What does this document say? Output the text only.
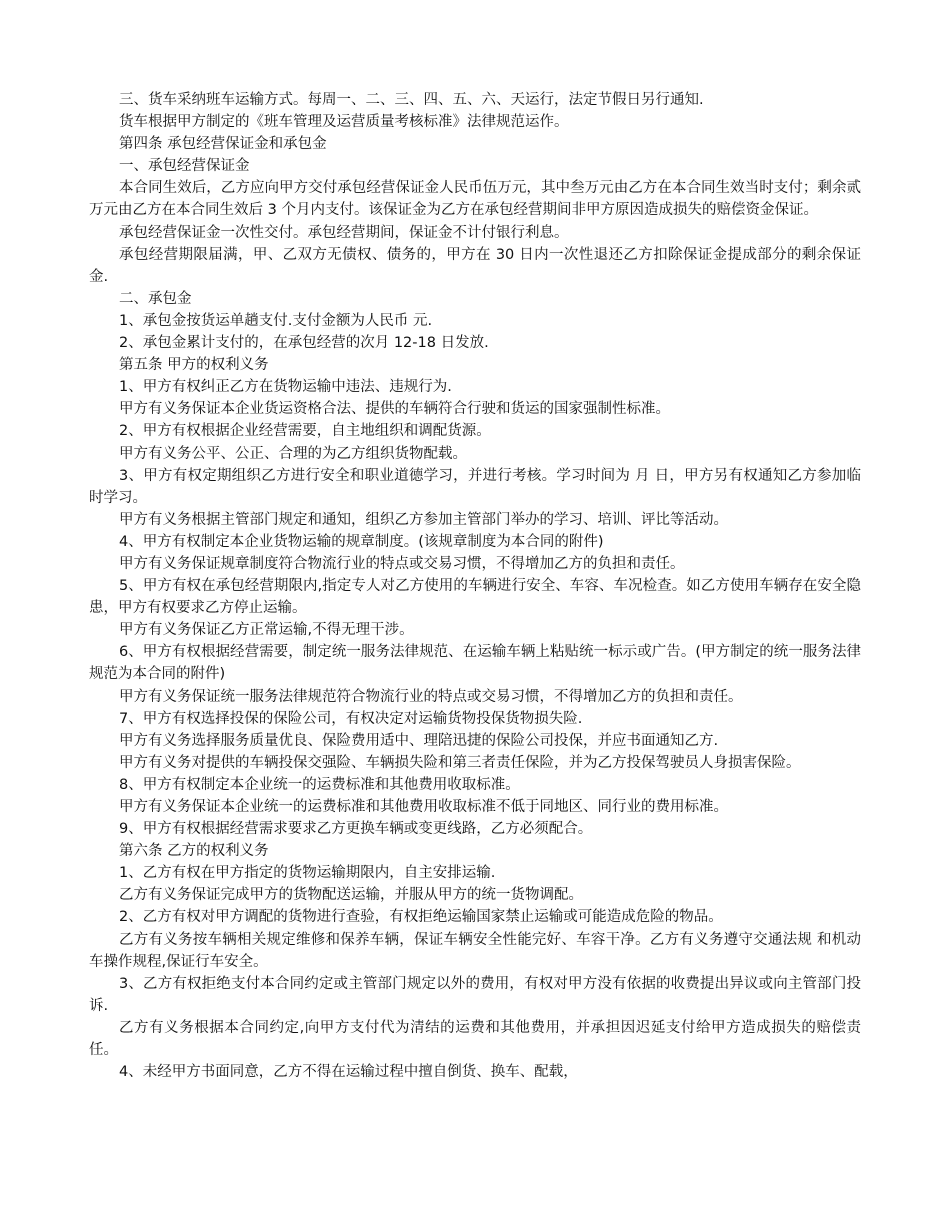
三、货车采纳班车运输方式。每周一、二、三、四、五、六、天运行，法定节假日另行通知.

货车根据甲方制定的《班车管理及运营质量考核标准》法律规范运作。

第四条 承包经营保证金和承包金

一、承包经营保证金

本合同生效后，乙方应向甲方交付承包经营保证金人民币伍万元，其中叁万元由乙方在本合同生效当时支付；剩余贰万元由乙方在本合同生效后 3 个月内支付。该保证金为乙方在承包经营期间非甲方原因造成损失的赔偿资金保证。

承包经营保证金一次性交付。承包经营期间，保证金不计付银行利息。

承包经营期限届满，甲、乙双方无债权、债务的，甲方在 30 日内一次性退还乙方扣除保证金提成部分的剩余保证金.

二、承包金

1、承包金按货运单趟支付.支付金额为人民币 元.

2、承包金累计支付的，在承包经营的次月 12-18 日发放.

第五条 甲方的权利义务

1、甲方有权纠正乙方在货物运输中违法、违规行为.

甲方有义务保证本企业货运资格合法、提供的车辆符合行驶和货运的国家强制性标准。

2、甲方有权根据企业经营需要，自主地组织和调配货源。

甲方有义务公平、公正、合理的为乙方组织货物配载。

3、甲方有权定期组织乙方进行安全和职业道德学习，并进行考核。学习时间为 月 日，甲方另有权通知乙方参加临时学习。

甲方有义务根据主管部门规定和通知，组织乙方参加主管部门举办的学习、培训、评比等活动。

4、甲方有权制定本企业货物运输的规章制度。(该规章制度为本合同的附件)

甲方有义务保证规章制度符合物流行业的特点或交易习惯，不得增加乙方的负担和责任。

5、甲方有权在承包经营期限内,指定专人对乙方使用的车辆进行安全、车容、车况检查。如乙方使用车辆存在安全隐患，甲方有权要求乙方停止运输。

甲方有义务保证乙方正常运输,不得无理干涉。

6、甲方有权根据经营需要，制定统一服务法律规范、在运输车辆上粘贴统一标示或广告。(甲方制定的统一服务法律规范为本合同的附件)

甲方有义务保证统一服务法律规范符合物流行业的特点或交易习惯，不得增加乙方的负担和责任。

7、甲方有权选择投保的保险公司，有权决定对运输货物投保货物损失险.

甲方有义务选择服务质量优良、保险费用适中、理陪迅捷的保险公司投保，并应书面通知乙方.

甲方有义务对提供的车辆投保交强险、车辆损失险和第三者责任保险，并为乙方投保驾驶员人身损害保险。

8、甲方有权制定本企业统一的运费标准和其他费用收取标准。

甲方有义务保证本企业统一的运费标准和其他费用收取标准不低于同地区、同行业的费用标准。

9、甲方有权根据经营需求要求乙方更换车辆或变更线路，乙方必须配合。

第六条 乙方的权利义务

1、乙方有权在甲方指定的货物运输期限内，自主安排运输.

乙方有义务保证完成甲方的货物配送运输，并服从甲方的统一货物调配。

2、乙方有权对甲方调配的货物进行查验，有权拒绝运输国家禁止运输或可能造成危险的物品。

乙方有义务按车辆相关规定维修和保养车辆，保证车辆安全性能完好、车容干净。乙方有义务遵守交通法规 和机动车操作规程,保证行车安全。

3、乙方有权拒绝支付本合同约定或主管部门规定以外的费用，有权对甲方没有依据的收费提出异议或向主管部门投诉.

乙方有义务根据本合同约定,向甲方支付代为清结的运费和其他费用，并承担因迟延支付给甲方造成损失的赔偿责任。

4、未经甲方书面同意，乙方不得在运输过程中擅自倒货、换车、配载，
